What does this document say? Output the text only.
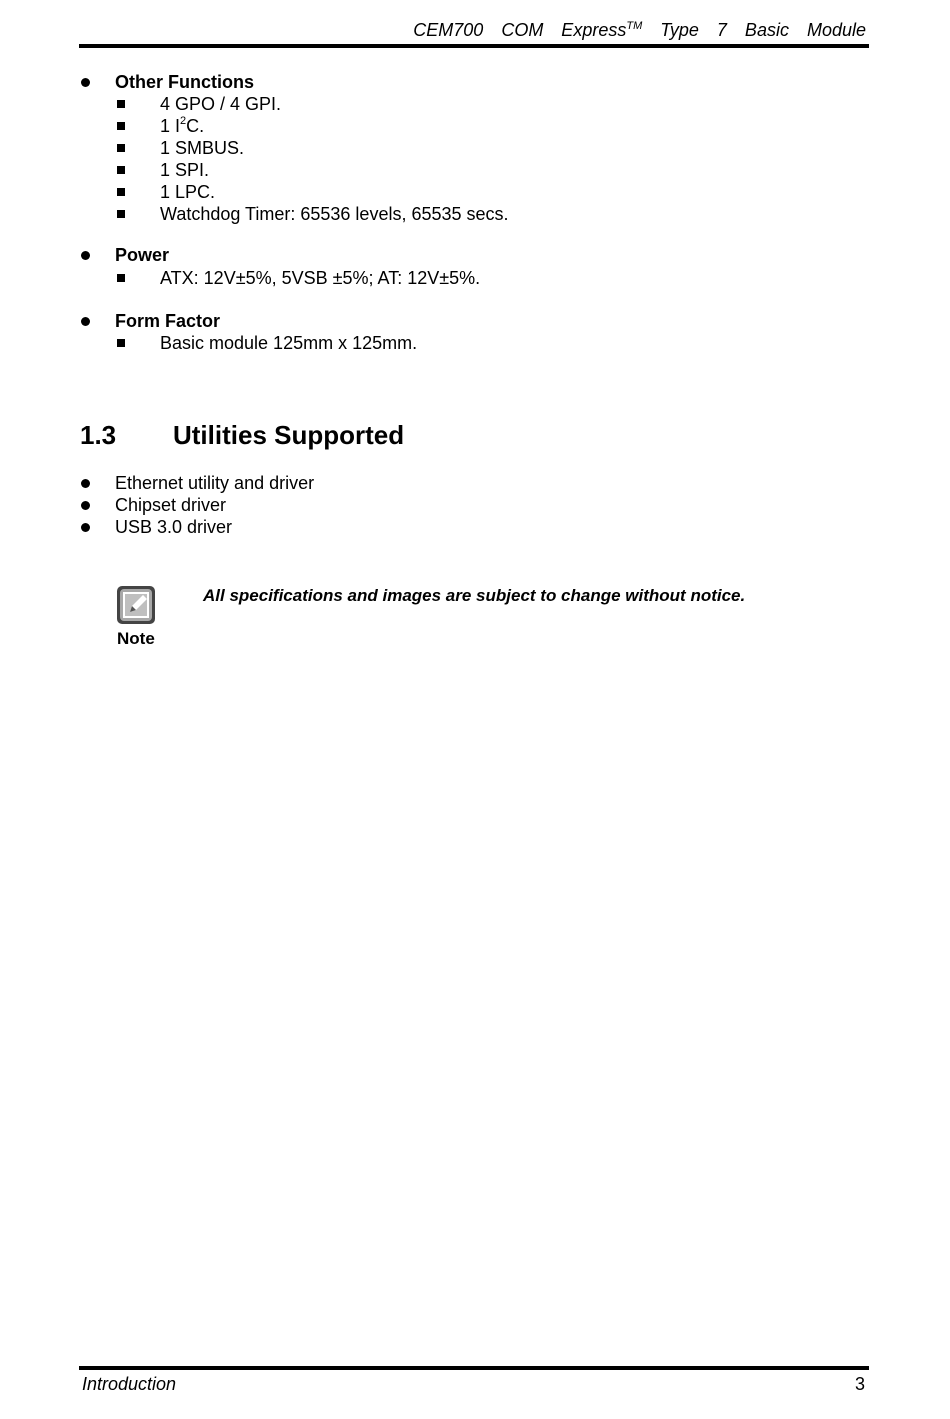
CEM700  COM  Express™  Type  7  Basic  Module
Other Functions
4 GPO / 4 GPI.
1 $I^2C$.
1 SMBUS.
1 SPI.
1 LPC.
Watchdog Timer: 65536 levels, 65535 secs.
Power
ATX: 12V±5%, 5VSB ±5%; AT: 12V±5%.
Form Factor
Basic module 125mm x 125mm.
1.3 Utilities Supported
Ethernet utility and driver
Chipset driver
USB 3.0 driver
Note
All specifications and images are subject to change without notice.
Introduction	3
